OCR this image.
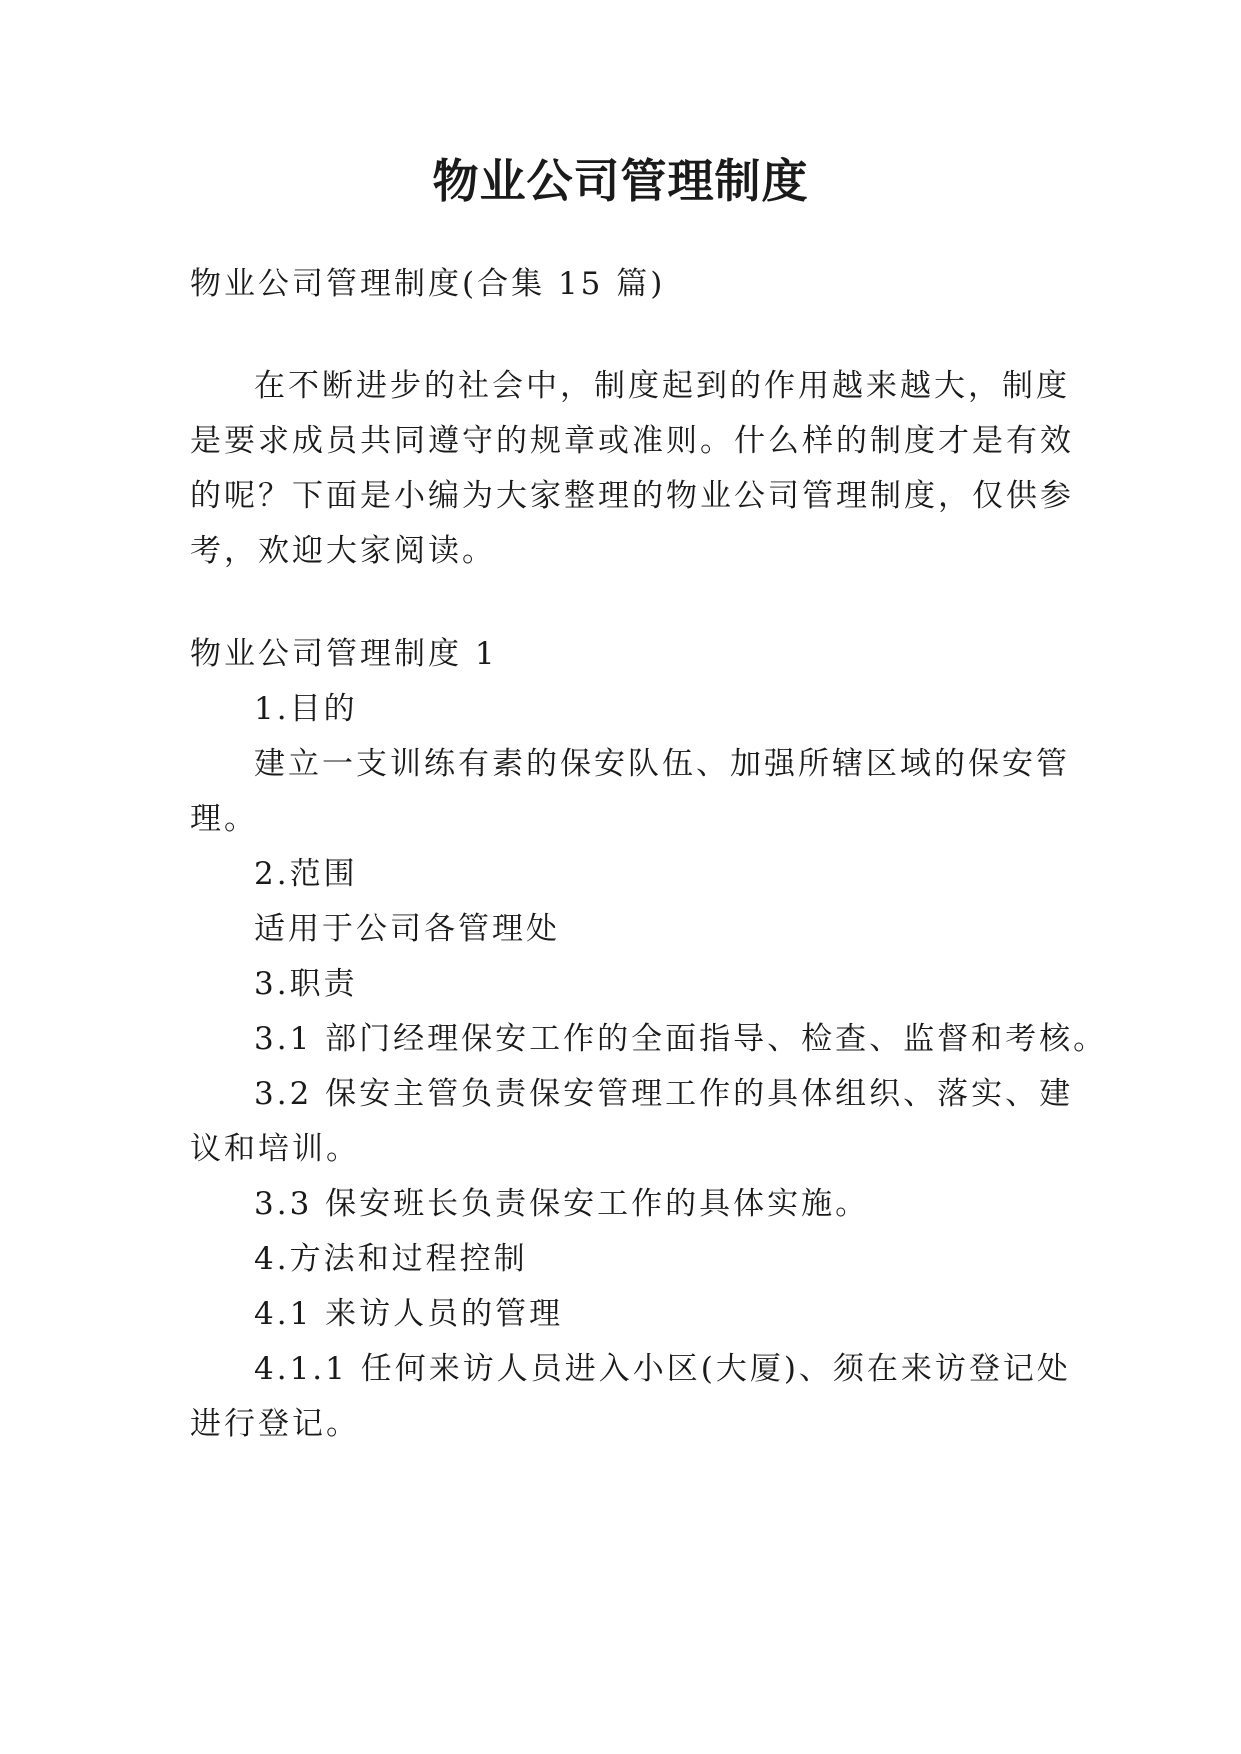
物业公司管理制度
物业公司管理制度(合集 15 篇)
在不断进步的社会中，制度起到的作用越来越大，制度
是要求成员共同遵守的规章或准则。什么样的制度才是有效
的呢？下面是小编为大家整理的物业公司管理制度，仅供参
考，欢迎大家阅读。
物业公司管理制度 1
1.目的
建立一支训练有素的保安队伍、加强所辖区域的保安管
理。
2.范围
适用于公司各管理处
3.职责
3.1 部门经理保安工作的全面指导、检查、监督和考核。
3.2 保安主管负责保安管理工作的具体组织、落实、建
议和培训。
3.3 保安班长负责保安工作的具体实施。
4.方法和过程控制
4.1 来访人员的管理
4.1.1 任何来访人员进入小区(大厦)、须在来访登记处
进行登记。
